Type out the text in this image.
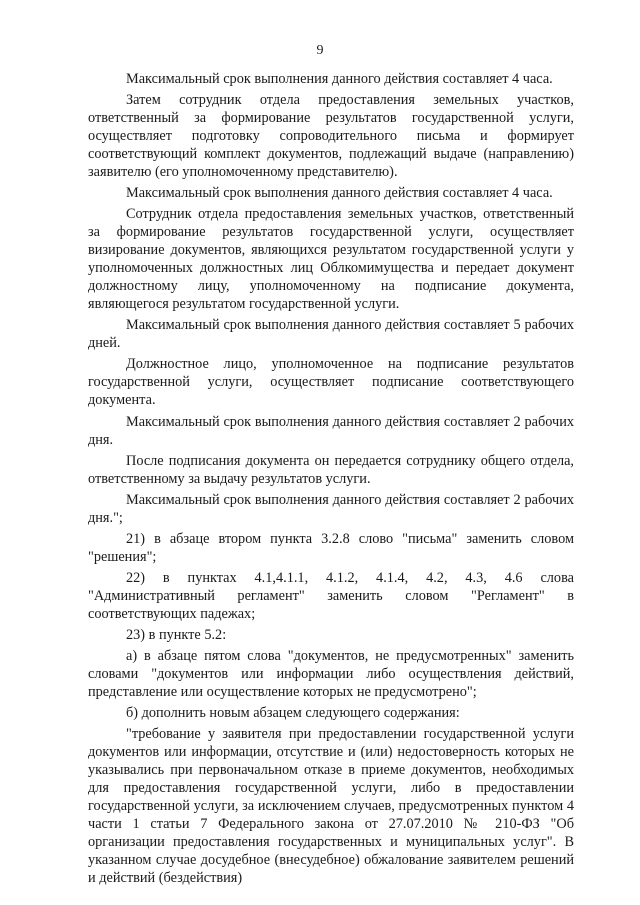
9

Максимальный срок выполнения данного действия составляет 4 часа.

Затем сотрудник отдела предоставления земельных участков, ответственный за формирование результатов государственной услуги, осуществляет подготовку сопроводительного письма и формирует соответствующий комплект документов, подлежащий выдаче (направлению) заявителю (его уполномоченному представителю).

Максимальный срок выполнения данного действия составляет 4 часа.

Сотрудник отдела предоставления земельных участков, ответственный за формирование результатов государственной услуги, осуществляет визирование документов, являющихся результатом государственной услуги у уполномоченных должностных лиц Облкомимущества и передает документ должностному лицу, уполномоченному на подписание документа, являющегося результатом государственной услуги.

Максимальный срок выполнения данного действия составляет 5 рабочих дней.

Должностное лицо, уполномоченное на подписание результатов государственной услуги, осуществляет подписание соответствующего документа.

Максимальный срок выполнения данного действия составляет 2 рабочих дня.

После подписания документа он передается сотруднику общего отдела, ответственному за выдачу результатов услуги.

Максимальный срок выполнения данного действия составляет 2 рабочих дня.";

21) в абзаце втором пункта 3.2.8 слово "письма" заменить словом "решения";

22) в пунктах 4.1,4.1.1, 4.1.2, 4.1.4, 4.2, 4.3, 4.6 слова "Административный регламент" заменить словом "Регламент" в соответствующих падежах;

23) в пункте 5.2:

а) в абзаце пятом слова "документов, не предусмотренных" заменить словами "документов или информации либо осуществления действий, представление или осуществление которых не предусмотрено";

б) дополнить новым абзацем следующего содержания:

"требование у заявителя при предоставлении государственной услуги документов или информации, отсутствие и (или) недостоверность которых не указывались при первоначальном отказе в приеме документов, необходимых для предоставления государственной услуги, либо в предоставлении государственной услуги, за исключением случаев, предусмотренных пунктом 4 части 1 статьи 7 Федерального закона от 27.07.2010 № 210-ФЗ "Об организации предоставления государственных и муниципальных услуг". В указанном случае досудебное (внесудебное) обжалование заявителем решений и действий (бездействия)
